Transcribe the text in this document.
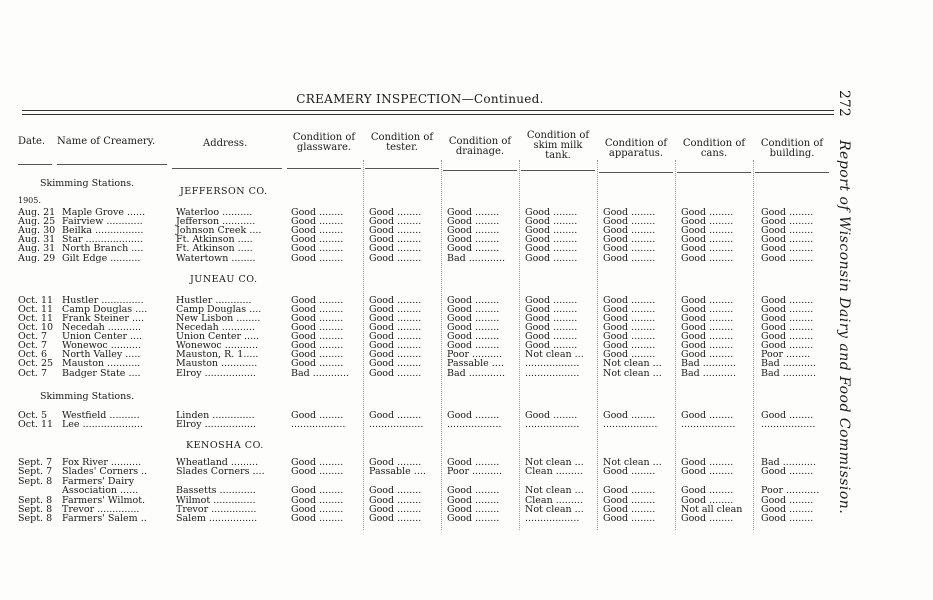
CREAMERY INSPECTION—Continued.	272
Report of Wisconsin Dairy and Food Commission.
Date. Name of Creamery.	Address.
Condition of
glassware.
Condition of
tester.
Condition of
drainage.
Condition of
skim milk
tank.
Condition of
apparatus.
Condition of
cans.
Condition of
building.
Skimming Stations.
JEFFERSON CO.
1905.
JUNEAU CO.
Skimming Stations.
KENOSHA CO.
Aug. 21 Maple Grove ......	Waterloo ..........	Good ........	Good ........	Good ........	Good ........	Good ........	Good ........	Good ........
Aug. 25 Fairview ............	Jefferson ...........	Good ........	Good ........	Good ........	Good ........	Good ........	Good ........	Good ........
Aug. 30 Beilka ................	Johnson Creek ....	Good ........	Good ........	Good ........	Good ........	Good ........	Good ........	Good ........
Aug. 31 Star ...................	Ft. Atkinson .....	Good ........	Good ........	Good ........	Good ........	Good ........	Good ........	Good ........
Aug. 31 North Branch ....	Ft. Atkinson .....	Good ........	Good ........	Good ........	Good ........	Good ........	Good ........	Good ........
Aug. 29 Gilt Edge ..........	Watertown ........	Good ........	Good ........	Bad ............ Good ........	Good ........	Good ........	Good ........
Oct. 11 Hustler ..............	Hustler ............	Good ........	Good ........	Good ........	Good ........	Good ........	Good ........	Good ........
Oct. 11 Camp Douglas ....	Camp Douglas ....	Good ........	Good ........	Good ........	Good ........	Good ........	Good ........	Good ........
Oct. 11 Frank Steiner ....	New Lisbon ........	Good ........	Good ........	Good ........	Good ........	Good ........	Good ........	Good ........
Oct. 10 Necedah ...........	Necedah ...........	Good ........	Good ........	Good ........	Good ........	Good ........	Good ........	Good ........
Oct. 7 Union Center ....	Union Center .....	Good ........	Good ........	Good ........	Good ........	Good ........	Good ........	Good ........
Oct. 7 Wonewoc ..........	Wonewoc ...........	Good ........	Good ........	Good ........	Good ........	Good ........	Good ........	Good ........
Oct. 6 North Valley .....	Mauston, R. 1.....	Good ........	Good ........	Poor .......... Not clean ... Good ........	Good ........	Poor ........
Oct. 25 Mauston ...........	Mauston ............	Good ........	Good ........	Passable .... .................. Not clean ... Bad ...........	Bad ...........
Oct. 7 Badger State ....	Elroy .................	Bad ............ Good ........	Bad ............ .................. Not clean ... Bad ...........	Bad ...........
Oct. 5 Westfield ..........	Linden ..............	Good ........	Good ........	Good ........	Good ........	Good ........	Good ........	Good ........
Oct. 11 Lee ....................	Elroy .................	.................. .................. .................. .................. .................. ..................	..................
Sept. 7 Fox River ..........	Wheatland .........	Good ........	Good ........	Good ........	Not clean ... Not clean ... Good ........	Bad ...........
Sept. 7 Slades' Corners ..	Slades Corners ....	Good ........	Passable .... Poor .......... Clean ......... Good ........	Good ........	Good ........
Sept. 8 Farmers' Dairy
Association ......	Bassetts ............	Good ........	Good ........	Good ........	Not clean ... Good ........	Good ........	Poor ...........
Sept. 8 Farmers' Wilmot.	Wilmot ..............	Good ........	Good ........	Good ........	Clean ......... Good ........	Good ........	Good ........
Sept. 8 Trevor ..............	Trevor ...............	Good ........	Good ........	Good ........	Not clean ... Good ........	Not all clean Good ........
Sept. 8 Farmers' Salem ..	Salem ................	Good ........	Good ........	Good ........	.................. Good ........	Good ........	Good ........
